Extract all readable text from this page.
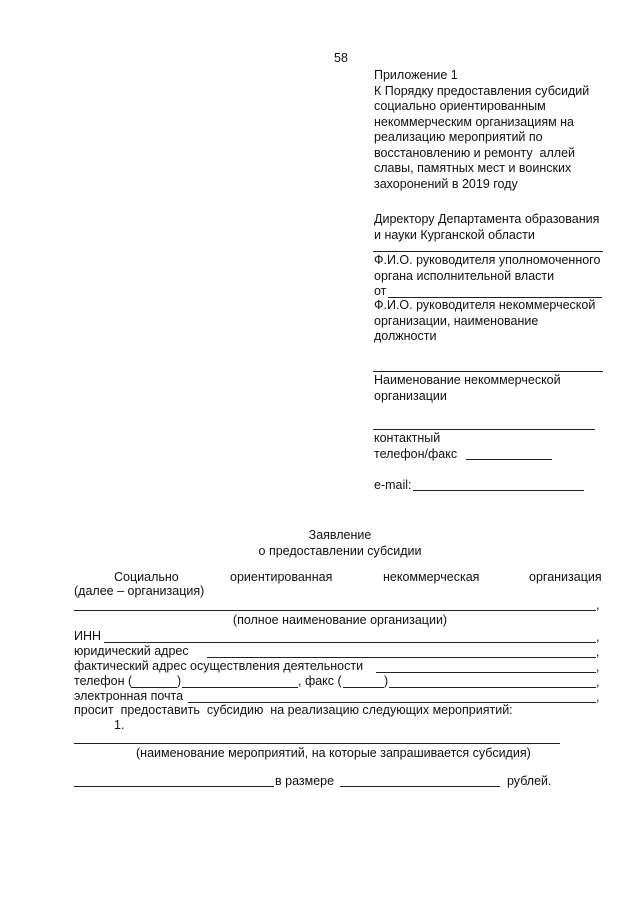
58
Приложение 1
К Порядку предоставления субсидий
социально ориентированным
некоммерческим организациям на
реализацию мероприятий по
восстановлению и ремонту  аллей
славы, памятных мест и воинских
захоронений в 2019 году
Директору Департамента образования
и науки Курганской области
Ф.И.О. руководителя уполномоченного
органа исполнительной власти
от
Ф.И.О. руководителя некоммерческой
организации, наименование
должности
Наименование некоммерческой
организации
контактный
телефон/факс
e-mail:
Заявление
о предоставлении субсидии
Социально	ориентированная	некоммерческая	организация
(далее – организация)
,
(полное наименование организации)
ИНН	,
юридический адрес	,
фактический адрес осуществления деятельности	,
телефон (	)	, факс (	)	,
электронная почта	,
просит  предоставить  субсидию  на реализацию следующих мероприятий:
1.
(наименование мероприятий, на которые запрашивается субсидия)
в размере	рублей.
